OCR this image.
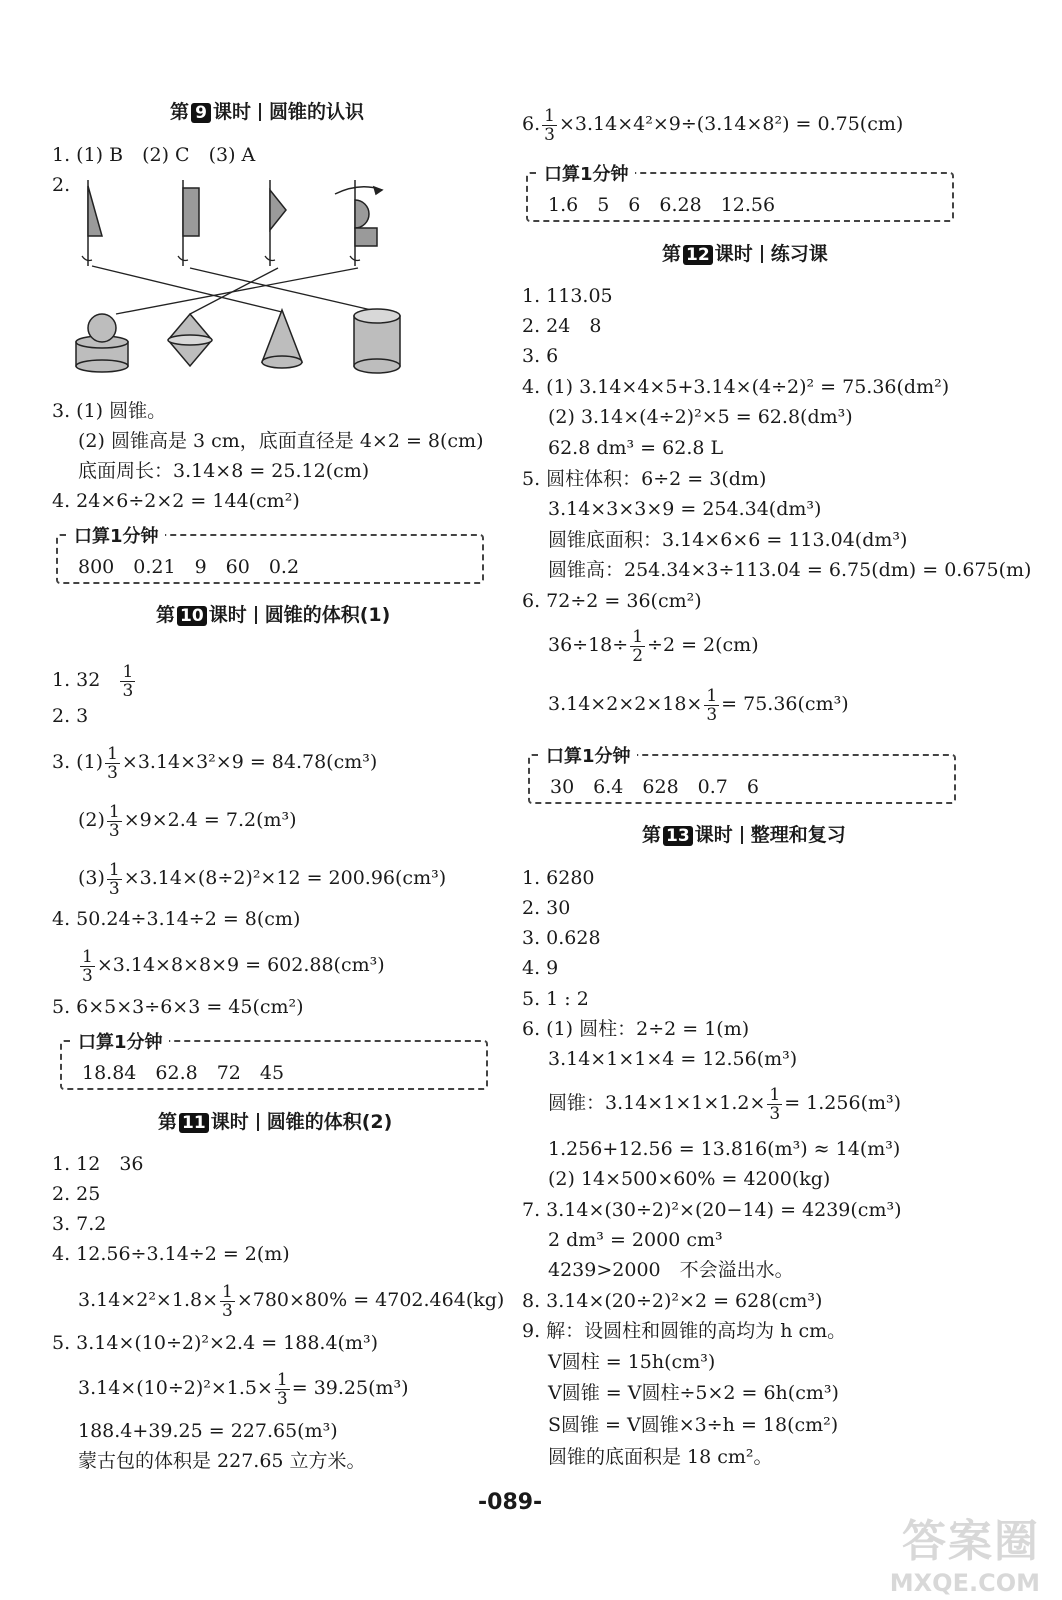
第 9 课时 圆锥的认识
1. (1) B　(2) C　(3) A
2.
3. (1) 圆锥。
(2) 圆锥高是 3 cm，底面直径是 4×2 = 8(cm)
底面周长：3.14×8 = 25.12(cm)
4. 24×6÷2×2 = 144(cm²)
口算1分钟
800　0.21　9　60　0.2
第 10 课时 圆锥的体积(1)
1. $32 \frac{1}{3}$
2. 3
3. $(1) \frac{1}{3} \times 3.14\times 3^2\times 9 = 84.78(cm^3)$
$(2) \frac{1}{3} \times 9\times 2.4 = 7.2(m^3)$
$(3) \frac{1}{3} \times 3.14\times(8\div 2)^2\times 12 = 200.96(cm^3)$
4. 50.24÷3.14÷2 = 8(cm)
$\frac{1}{3} \times 3.14\times 8\times 8\times 9 = 602.88(cm^3)$
5. 6×5×3÷6×3 = 45(cm²)
口算1分钟
18.84　62.8　72　45
第 11 课时 圆锥的体积(2)
1. 12　36
2. 25
3. 7.2
4. 12.56÷3.14÷2 = 2(m)
$3.14\times 2^2\times 1.8\times \frac{1}{3} \times 780\times 80\% = 4702.464(kg)$
5. 3.14×(10÷2)²×2.4 = 188.4(m³)
$3.14\times(10\div 2)^2\times 1.5\times \frac{1}{3} = 39.25(m^3)$
188.4+39.25 = 227.65(m³)
蒙古包的体积是 227.65 立方米。
6. $\frac{1}{3} \times 3.14\times 4^2\times 9\div(3.14\times 8^2) = 0.75(cm)$
口算1分钟
1.6　5　6　6.28　12.56
第 12 课时 练习课
1. 113.05
2. 24　8
3. 6
4. (1) 3.14×4×5+3.14×(4÷2)² = 75.36(dm²)
(2) 3.14×(4÷2)²×5 = 62.8(dm³)
62.8 dm³ = 62.8 L
5. 圆柱体积：6÷2 = 3(dm)
3.14×3×3×9 = 254.34(dm³)
圆锥底面积：3.14×6×6 = 113.04(dm³)
圆锥高：254.34×3÷113.04 = 6.75(dm) = 0.675(m)
6. 72÷2 = 36(cm²)
$36\div 18\div \frac{1}{2} \div 2 = 2(cm)$
$3.14\times 2\times 2\times 18\times \frac{1}{3} = 75.36(cm^3)$
口算1分钟
30　6.4　628　0.7　6
第 13 课时 整理和复习
1. 6280
2. 30
3. 0.628
4. 9
5. 1 : 2
6. (1) 圆柱：2÷2 = 1(m)
3.14×1×1×4 = 12.56(m³)
圆锥：$3.14\times 1\times 1\times 1.2\times \frac{1}{3} = 1.256(m^3)$
1.256+12.56 = 13.816(m³) ≈ 14(m³)
(2) 14×500×60% = 4200(kg)
7. 3.14×(30÷2)²×(20−14) = 4239(cm³)
2 dm³ = 2000 cm³
4239>2000　不会溢出水。
8. 3.14×(20÷2)²×2 = 628(cm³)
9. 解：设圆柱和圆锥的高均为 h cm。
V圆柱 = 15h(cm³)
V圆锥 = V圆柱÷5×2 = 6h(cm³)
S圆锥 = V圆锥×3÷h = 18(cm²)
圆锥的底面积是 18 cm²。
-089-
答案圈
MXQE.COM
